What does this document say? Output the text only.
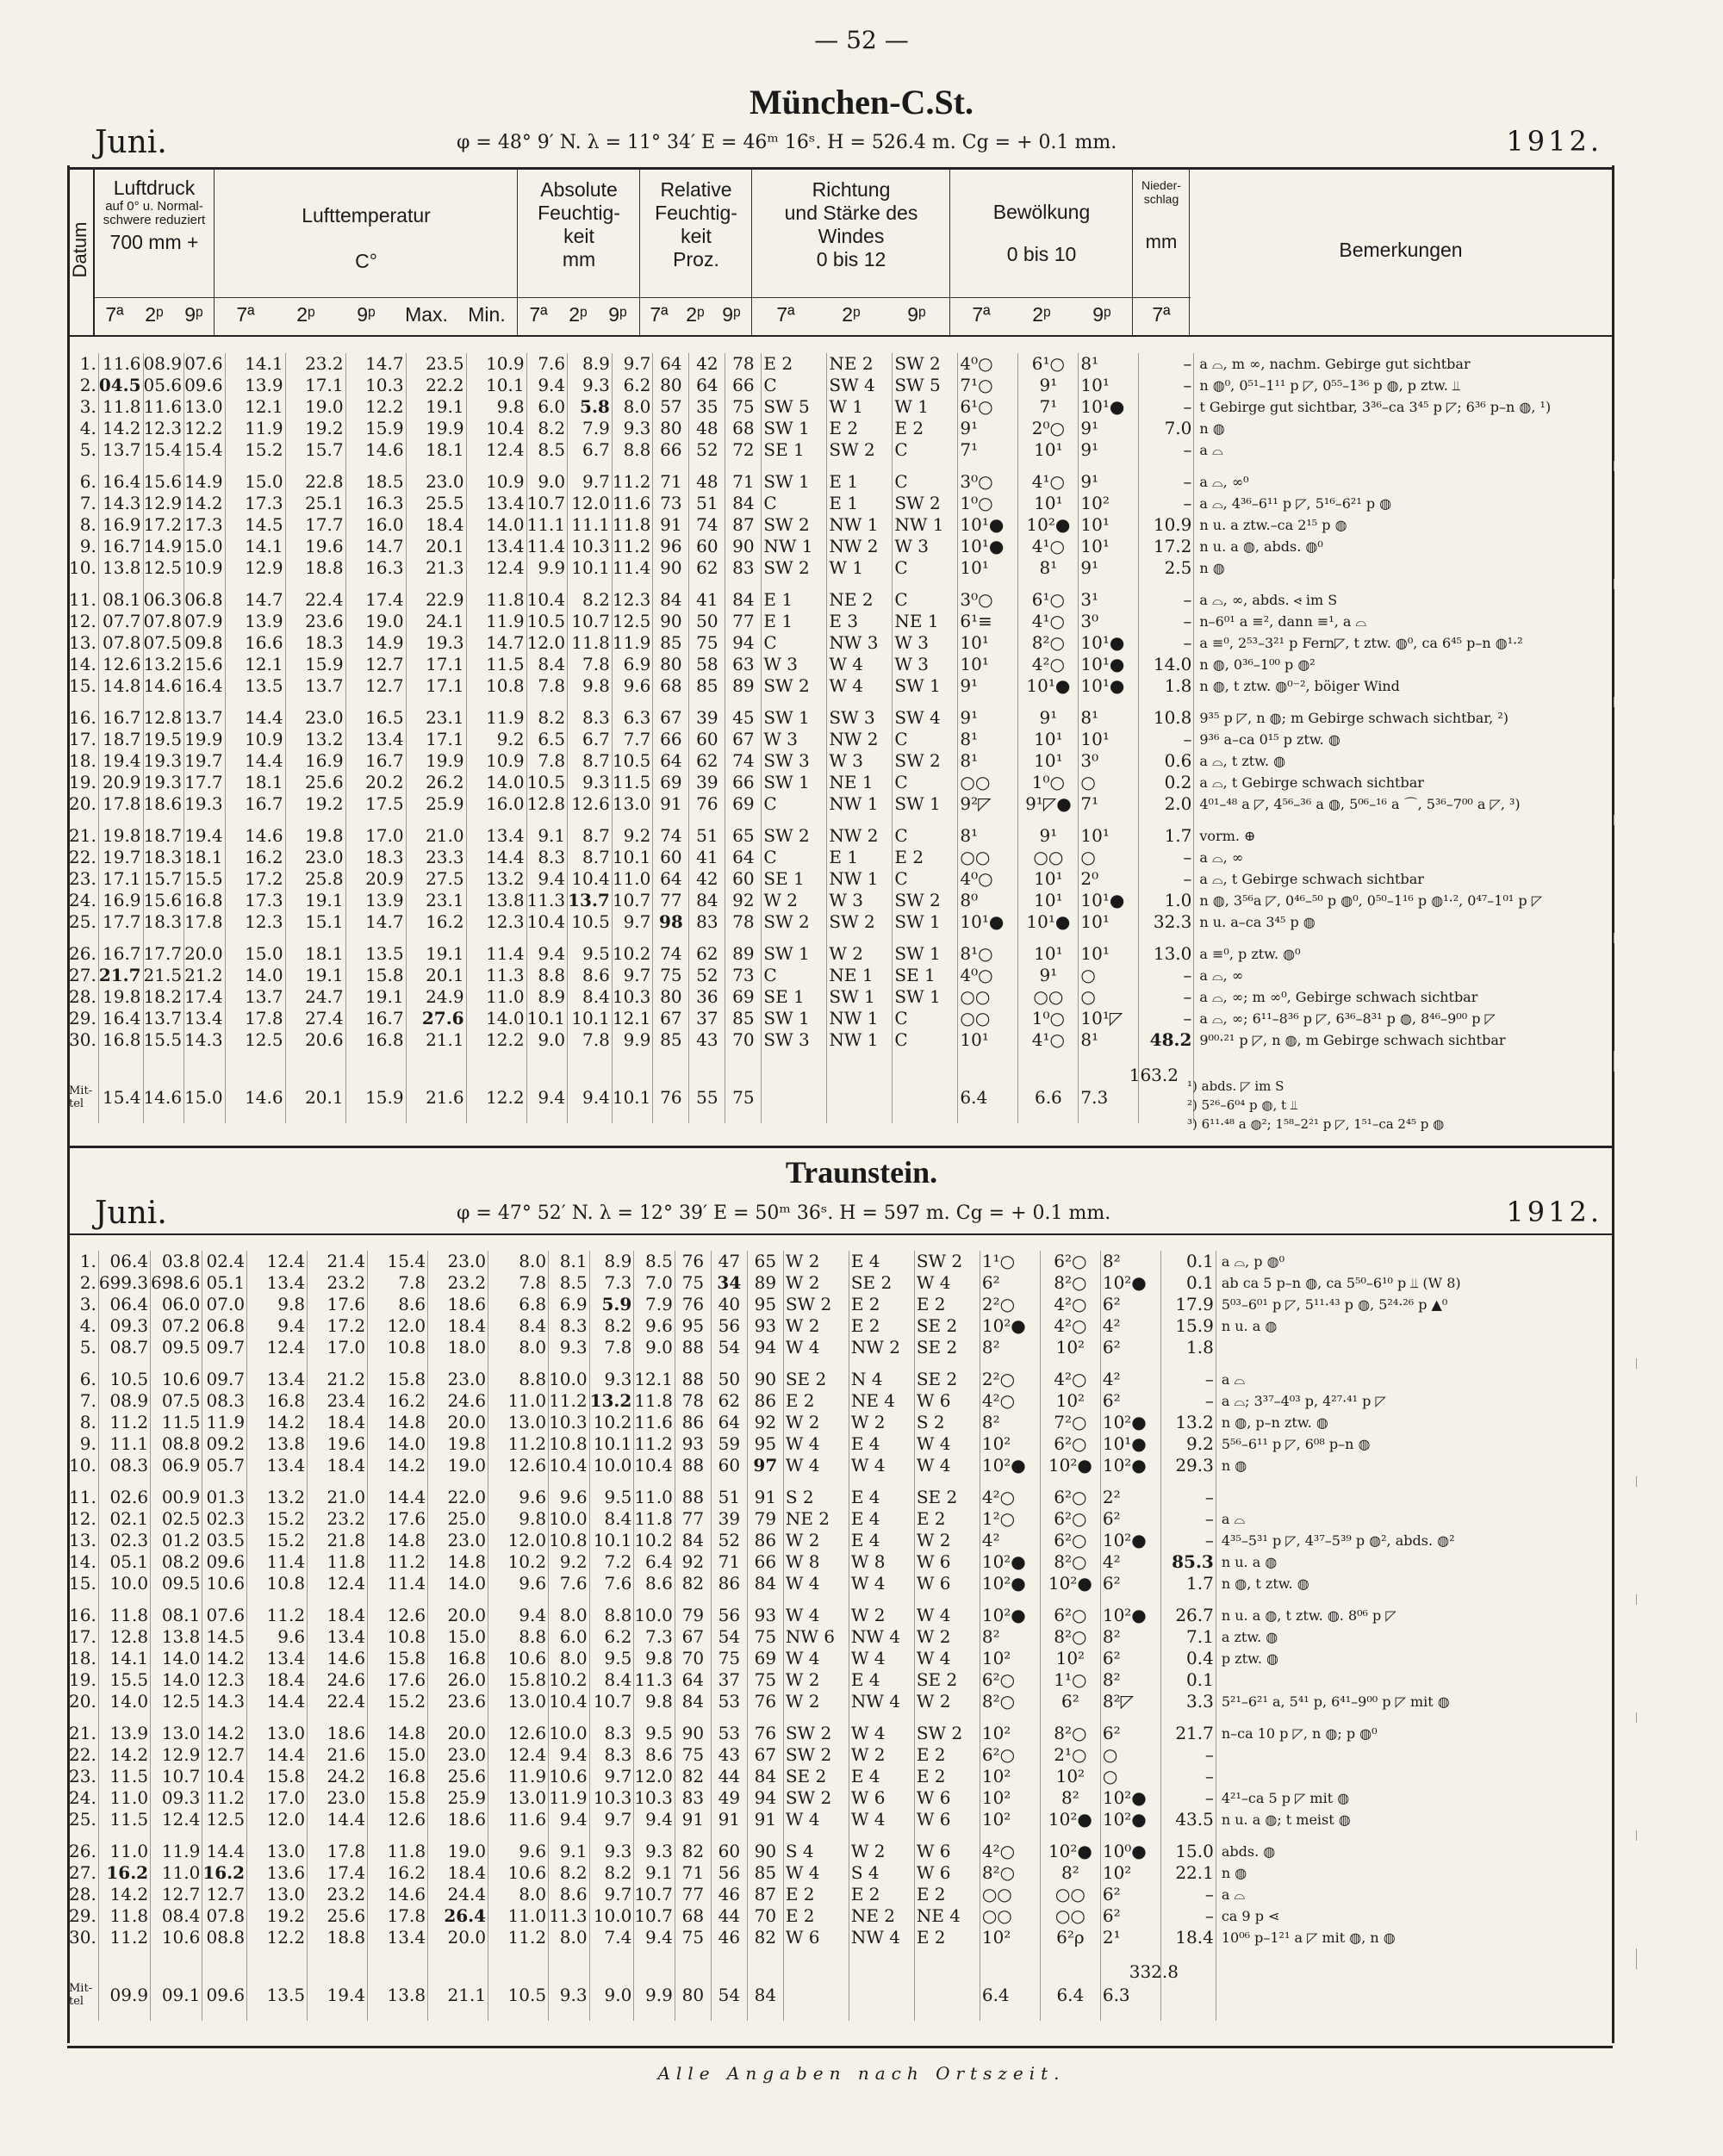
— 52 —
München-C.St.
Juni.	φ = 48° 9′ N. λ = 11° 34′ E = 46ᵐ 16ˢ. H = 526.4 m. Cg = + 0.1 mm.	1912.
Datum
Luftdruck
auf 0° u. Normal-
schwere reduziert
700 mm +
Lufttemperatur
C°
Absolute
Feuchtig-
keit
mm
Relative
Feuchtig-
keit
Proz.
Richtung
und Stärke des
Windes
0 bis 12
Bewölkung
0 bis 10
Nieder-
schlag
mm	Bemerkungen
7ª	2ᵖ	9ᵖ	7ª	2ᵖ	9ᵖ	Max.	Min.	7ª	2ᵖ	9ᵖ	7ª 2ᵖ 9ᵖ	7ª	2ᵖ	9ᵖ	7ª	2ᵖ	9ᵖ	7ª
1.	11.6	08.9	07.6	14.1	23.2	14.7	23.5	10.9	7.6	8.9	9.7	64	42	78	E 2	NE 2	SW 2	4⁰○	6¹○	8¹	–	a ⌓, m ∞, nachm. Gebirge gut sichtbar
2.	04.5	05.6	09.6	13.9	17.1	10.3	22.2	10.1	9.4	9.3	6.2	80	64	66	C	SW 4	SW 5	7¹○	9¹	10¹	–	n ◍⁰, 0⁵¹–1¹¹ p ◸, 0⁵⁵–1³⁶ p ◍, p ztw. ⫫
3.	11.8	11.6	13.0	12.1	19.0	12.2	19.1	9.8	6.0	5.8	8.0	57	35	75	SW 5	W 1	W 1	6¹○	7¹	10¹●	–	t Gebirge gut sichtbar, 3³⁶–ca 3⁴⁵ p ◸; 6³⁶ p–n ◍, ¹)
4.	14.2	12.3	12.2	11.9	19.2	15.9	19.9	10.4	8.2	7.9	9.3	80	48	68	SW 1	E 2	E 2	9¹	2⁰○	9¹	7.0	n ◍
5.	13.7	15.4	15.4	15.2	15.7	14.6	18.1	12.4	8.5	6.7	8.8	66	52	72	SE 1	SW 2	C	7¹	10¹	9¹	–	a ⌓

6.	16.4	15.6	14.9	15.0	22.8	18.5	23.0	10.9	9.0	9.7	11.2	71	48	71	SW 1	E 1	C	3⁰○	4¹○	9¹	–	a ⌓, ∞⁰
7.	14.3	12.9	14.2	17.3	25.1	16.3	25.5	13.4	10.7	12.0	11.6	73	51	84	C	E 1	SW 2	1⁰○	10¹	10²	–	a ⌓, 4³⁶–6¹¹ p ◸, 5¹⁶–6²¹ p ◍
8.	16.9	17.2	17.3	14.5	17.7	16.0	18.4	14.0	11.1	11.1	11.8	91	74	87	SW 2	NW 1	NW 1	10¹●	10²●	10¹	10.9	n u. a ztw.–ca 2¹⁵ p ◍
9.	16.7	14.9	15.0	14.1	19.6	14.7	20.1	13.4	11.4	10.3	11.2	96	60	90	NW 1	NW 2	W 3	10¹●	4¹○	10¹	17.2	n u. a ◍, abds. ◍⁰
10.	13.8	12.5	10.9	12.9	18.8	16.3	21.3	12.4	9.9	10.1	11.4	90	62	83	SW 2	W 1	C	10¹	8¹	9¹	2.5	n ◍

11.	08.1	06.3	06.8	14.7	22.4	17.4	22.9	11.8	10.4	8.2	12.3	84	41	84	E 1	NE 2	C	3⁰○	6¹○	3¹	–	a ⌓, ∞, abds. ⋖ im S
12.	07.7	07.8	07.9	13.9	23.6	19.0	24.1	11.9	10.5	10.7	12.5	90	50	77	E 1	E 3	NE 1	6¹≡	4¹○	3⁰	–	n–6⁰¹ a ≡², dann ≡¹, a ⌓
13.	07.8	07.5	09.8	16.6	18.3	14.9	19.3	14.7	12.0	11.8	11.9	85	75	94	C	NW 3	W 3	10¹	8²○	10¹●	–	a ≡⁰, 2⁵³–3²¹ p Fern◸, t ztw. ◍⁰, ca 6⁴⁵ p–n ◍¹·²
14.	12.6	13.2	15.6	12.1	15.9	12.7	17.1	11.5	8.4	7.8	6.9	80	58	63	W 3	W 4	W 3	10¹	4²○	10¹●	14.0	n ◍, 0³⁶–1⁰⁰ p ◍²
15.	14.8	14.6	16.4	13.5	13.7	12.7	17.1	10.8	7.8	9.8	9.6	68	85	89	SW 2	W 4	SW 1	9¹	10¹●	10¹●	1.8	n ◍, t ztw. ◍⁰⁻², böiger Wind

16.	16.7	12.8	13.7	14.4	23.0	16.5	23.1	11.9	8.2	8.3	6.3	67	39	45	SW 1	SW 3	SW 4	9¹	9¹	8¹	10.8	9³⁵ p ◸, n ◍; m Gebirge schwach sichtbar, ²)
17.	18.7	19.5	19.9	10.9	13.2	13.4	17.1	9.2	6.5	6.7	7.7	66	60	67	W 3	NW 2	C	8¹	10¹	10¹	–	9³⁶ a–ca 0¹⁵ p ztw. ◍
18.	19.4	19.3	19.7	14.4	16.9	16.7	19.9	10.9	7.8	8.7	10.5	64	62	74	SW 3	W 3	SW 2	8¹	10¹	3⁰	0.6	a ⌓, t ztw. ◍
19.	20.9	19.3	17.7	18.1	25.6	20.2	26.2	14.0	10.5	9.3	11.5	69	39	66	SW 1	NE 1	C	○○	1⁰○	○	0.2	a ⌓, t Gebirge schwach sichtbar
20.	17.8	18.6	19.3	16.7	19.2	17.5	25.9	16.0	12.8	12.6	13.0	91	76	69	C	NW 1	SW 1	9²◸	9¹◸●	7¹	2.0	4⁰¹–⁴⁸ a ◸, 4⁵⁶–³⁶ a ◍, 5⁰⁶–¹⁶ a ⌒, 5³⁶–7⁰⁰ a ◸, ³)

21.	19.8	18.7	19.4	14.6	19.8	17.0	21.0	13.4	9.1	8.7	9.2	74	51	65	SW 2	NW 2	C	8¹	9¹	10¹	1.7	vorm. ⊕
22.	19.7	18.3	18.1	16.2	23.0	18.3	23.3	14.4	8.3	8.7	10.1	60	41	64	C	E 1	E 2	○○	○○	○	–	a ⌓, ∞
23.	17.1	15.7	15.5	17.2	25.8	20.9	27.5	13.2	9.4	10.4	11.0	64	42	60	SE 1	NW 1	C	4⁰○	10¹	2⁰	–	a ⌓, t Gebirge schwach sichtbar
24.	16.9	15.6	16.8	17.3	19.1	13.9	23.1	13.8	11.3	13.7	10.7	77	84	92	W 2	W 3	SW 2	8⁰	10¹	10¹●	1.0	n ◍, 3⁵⁶a ◸, 0⁴⁶–⁵⁰ p ◍⁰, 0⁵⁰–1¹⁶ p ◍¹·², 0⁴⁷–1⁰¹ p ◸
25.	17.7	18.3	17.8	12.3	15.1	14.7	16.2	12.3	10.4	10.5	9.7	98	83	78	SW 2	SW 2	SW 1	10¹●	10¹●	10¹	32.3	n u. a–ca 3⁴⁵ p ◍

26.	16.7	17.7	20.0	15.0	18.1	13.5	19.1	11.4	9.4	9.5	10.2	74	62	89	SW 1	W 2	SW 1	8¹○	10¹	10¹	13.0	a ≡⁰, p ztw. ◍⁰
27.	21.7	21.5	21.2	14.0	19.1	15.8	20.1	11.3	8.8	8.6	9.7	75	52	73	C	NE 1	SE 1	4⁰○	9¹	○	–	a ⌓, ∞
28.	19.8	18.2	17.4	13.7	24.7	19.1	24.9	11.0	8.9	8.4	10.3	80	36	69	SE 1	SW 1	SW 1	○○	○○	○	–	a ⌓, ∞; m ∞⁰, Gebirge schwach sichtbar
29.	16.4	13.7	13.4	17.8	27.4	16.7	27.6	14.0	10.1	10.1	12.1	67	37	85	SW 1	NW 1	C	○○	1⁰○	10¹◸	–	a ⌓, ∞; 6¹¹–8³⁶ p ◸, 6³⁶–8³¹ p ◍, 8⁴⁶–9⁰⁰ p ◸
30.	16.8	15.5	14.3	12.5	20.6	16.8	21.1	12.2	9.0	7.8	9.9	85	43	70	SW 3	NW 1	C	10¹	4¹○	8¹	48.2	9⁰⁰·²¹ p ◸, n ◍, m Gebirge schwach sichtbar

Mit-tel	15.4	14.6	15.0	14.6	20.1	15.9	21.6	12.2	9.4	9.4	10.1	76	55	75				6.4	6.6	7.3		
163.2
¹) abds. ◸ im S
²) 5²⁶–6⁰⁴ p ◍, t ⫫
³) 6¹¹·⁴⁸ a ◍²; 1⁵⁸–2²¹ p ◸, 1⁵¹–ca 2⁴⁵ p ◍
Traunstein.
Juni.	φ = 47° 52′ N. λ = 12° 39′ E = 50ᵐ 36ˢ. H = 597 m. Cg = + 0.1 mm.	1912.
1.	06.4	03.8	02.4	12.4	21.4	15.4	23.0	8.0	8.1	8.9	8.5	76	47	65	W 2	E 4	SW 2	1¹○	6²○	8²	0.1	a ⌓, p ◍⁰
2.	699.3	698.6	05.1	13.4	23.2	7.8	23.2	7.8	8.5	7.3	7.0	75	34	89	W 2	SE 2	W 4	6²	8²○	10²●	0.1	ab ca 5 p–n ◍, ca 5⁵⁰–6¹⁰ p ⫫ (W 8)
3.	06.4	06.0	07.0	9.8	17.6	8.6	18.6	6.8	6.9	5.9	7.9	76	40	95	SW 2	E 2	E 2	2²○	4²○	6²	17.9	5⁰³–6⁰¹ p ◸, 5¹¹·⁴³ p ◍, 5²⁴·²⁶ p ▲⁰
4.	09.3	07.2	06.8	9.4	17.2	12.0	18.4	8.4	8.3	8.2	9.6	95	56	93	W 2	E 2	SE 2	10²●	4²○	4²	15.9	n u. a ◍
5.	08.7	09.5	09.7	12.4	17.0	10.8	18.0	8.0	9.3	7.8	9.0	88	54	94	W 4	NW 2	SE 2	8²	10²	6²	1.8	

6.	10.5	10.6	09.7	13.4	21.2	15.8	23.0	8.8	10.0	9.3	12.1	88	50	90	SE 2	N 4	SE 2	2²○	4²○	4²	–	a ⌓
7.	08.9	07.5	08.3	16.8	23.4	16.2	24.6	11.0	11.2	13.2	11.8	78	62	86	E 2	NE 4	W 6	4²○	10²	6²	–	a ⌓; 3³⁷–4⁰³ p, 4²⁷·⁴¹ p ◸
8.	11.2	11.5	11.9	14.2	18.4	14.8	20.0	13.0	10.3	10.2	11.6	86	64	92	W 2	W 2	S 2	8²	7²○	10²●	13.2	n ◍, p–n ztw. ◍
9.	11.1	08.8	09.2	13.8	19.6	14.0	19.8	11.2	10.8	10.1	11.2	93	59	95	W 4	E 4	W 4	10²	6²○	10¹●	9.2	5⁵⁶–6¹¹ p ◸, 6⁰⁸ p–n ◍
10.	08.3	06.9	05.7	13.4	18.4	14.2	19.0	12.6	10.4	10.0	10.4	88	60	97	W 4	W 4	W 4	10²●	10²●	10²●	29.3	n ◍

11.	02.6	00.9	01.3	13.2	21.0	14.4	22.0	9.6	9.6	9.5	11.0	88	51	91	S 2	E 4	SE 2	4²○	6²○	2²	–	
12.	02.1	02.5	02.3	15.2	23.2	17.6	25.0	9.8	10.0	8.4	11.8	77	39	79	NE 2	E 4	E 2	1²○	6²○	6²	–	a ⌓
13.	02.3	01.2	03.5	15.2	21.8	14.8	23.0	12.0	10.8	10.1	10.2	84	52	86	W 2	E 4	W 2	4²	6²○	10²●	–	4³⁵–5³¹ p ◸, 4³⁷–5³⁹ p ◍², abds. ◍²
14.	05.1	08.2	09.6	11.4	11.8	11.2	14.8	10.2	9.2	7.2	6.4	92	71	66	W 8	W 8	W 6	10²●	8²○	4²	85.3	n u. a ◍
15.	10.0	09.5	10.6	10.8	12.4	11.4	14.0	9.6	7.6	7.6	8.6	82	86	84	W 4	W 4	W 6	10²●	10²●	6²	1.7	n ◍, t ztw. ◍

16.	11.8	08.1	07.6	11.2	18.4	12.6	20.0	9.4	8.0	8.8	10.0	79	56	93	W 4	W 2	W 4	10²●	6²○	10²●	26.7	n u. a ◍, t ztw. ◍. 8⁰⁶ p ◸
17.	12.8	13.8	14.5	9.6	13.4	10.8	15.0	8.8	6.0	6.2	7.3	67	54	75	NW 6	NW 4	W 2	8²	8²○	8²	7.1	a ztw. ◍
18.	14.1	14.0	14.2	13.4	14.6	15.8	16.8	10.6	8.0	9.5	9.8	70	75	69	W 4	W 4	W 4	10²	10²	6²	0.4	p ztw. ◍
19.	15.5	14.0	12.3	18.4	24.6	17.6	26.0	15.8	10.2	8.4	11.3	64	37	75	W 2	E 4	SE 2	6²○	1¹○	8²	0.1	
20.	14.0	12.5	14.3	14.4	22.4	15.2	23.6	13.0	10.4	10.7	9.8	84	53	76	W 2	NW 4	W 2	8²○	6²	8²◸	3.3	5²¹–6²¹ a, 5⁴¹ p, 6⁴¹–9⁰⁰ p ◸ mit ◍

21.	13.9	13.0	14.2	13.0	18.6	14.8	20.0	12.6	10.0	8.3	9.5	90	53	76	SW 2	W 4	SW 2	10²	8²○	6²	21.7	n–ca 10 p ◸, n ◍; p ◍⁰
22.	14.2	12.9	12.7	14.4	21.6	15.0	23.0	12.4	9.4	8.3	8.6	75	43	67	SW 2	W 2	E 2	6²○	2¹○	○	–	
23.	11.5	10.7	10.4	15.8	24.2	16.8	25.6	11.9	10.6	9.7	12.0	82	44	84	SE 2	E 4	E 2	10²	10²	○	–	
24.	11.0	09.3	11.2	17.0	23.0	15.8	25.9	13.0	11.9	10.3	10.3	83	49	94	SW 2	W 6	W 6	10²	8²	10²●	–	4²¹–ca 5 p ◸ mit ◍
25.	11.5	12.4	12.5	12.0	14.4	12.6	18.6	11.6	9.4	9.7	9.4	91	91	91	W 4	W 4	W 6	10²	10²●	10²●	43.5	n u. a ◍; t meist ◍

26.	11.0	11.9	14.4	13.0	17.8	11.8	19.0	9.6	9.1	9.3	9.3	82	60	90	S 4	W 2	W 6	4²○	10²●	10⁰●	15.0	abds. ◍
27.	16.2	11.0	16.2	13.6	17.4	16.2	18.4	10.6	8.2	8.2	9.1	71	56	85	W 4	S 4	W 6	8²○	8²	10²	22.1	n ◍
28.	14.2	12.7	12.7	13.0	23.2	14.6	24.4	8.0	8.6	9.7	10.7	77	46	87	E 2	E 2	E 2	○○	○○	6²	–	a ⌓
29.	11.8	08.4	07.8	19.2	25.6	17.8	26.4	11.0	11.3	10.0	10.7	68	44	70	E 2	NE 2	NE 4	○○	○○	6²	–	ca 9 p ⋖
30.	11.2	10.6	08.8	12.2	18.8	13.4	20.0	11.2	8.0	7.4	9.4	75	46	82	W 6	NW 4	E 2	10²	6²ρ	2¹	18.4	10⁰⁶ p–1²¹ a ◸ mit ◍, n ◍

Mit-tel	09.9	09.1	09.6	13.5	19.4	13.8	21.1	10.5	9.3	9.0	9.9	80	54	84				6.4	6.4	6.3		
332.8
Alle Angaben nach Ortszeit.
